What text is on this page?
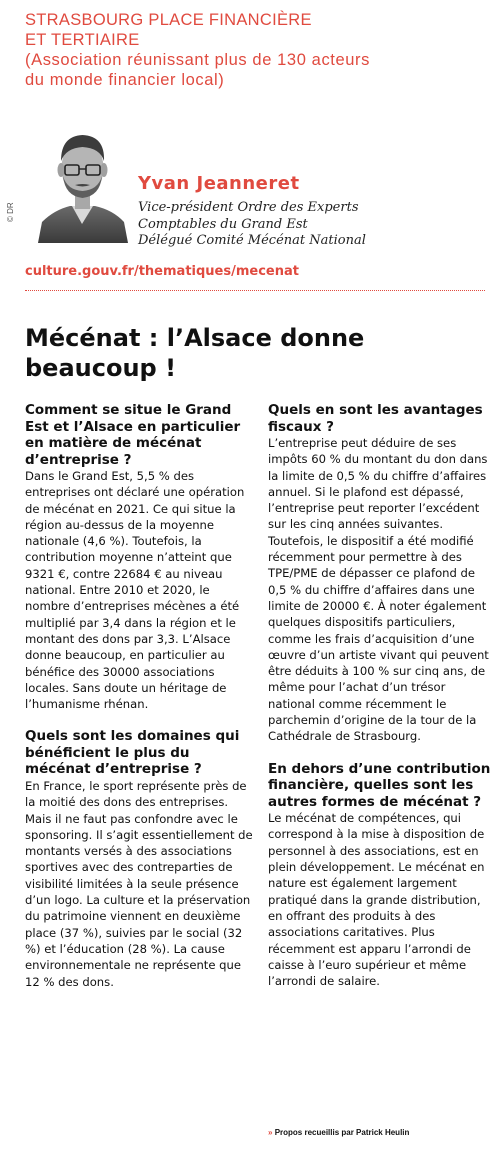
STRASBOURG PLACE FINANCIÈRE
ET TERTIAIRE
(Association réunissant plus de 130 acteurs
du monde financier local)
© DR
Yvan Jeanneret
Vice-président Ordre des Experts
Comptables du Grand Est
Délégué Comité Mécénat National
culture.gouv.fr/thematiques/mecenat
Mécénat : l’Alsace donne
beaucoup !

Comment se situe le Grand Est et l’Alsace en particulier en matière de mécénat d’entreprise ?

Dans le Grand Est, 5,5 % des entreprises ont déclaré une opération de mécénat en 2021. Ce qui situe la région au-dessus de la moyenne nationale (4,6 %). Toutefois, la contribution moyenne n’atteint que 9321 €, contre 22684 € au niveau national. Entre 2010 et 2020, le nombre d’entreprises mécènes a été multiplié par 3,4 dans la région et le montant des dons par 3,3. L’Alsace donne beaucoup, en particulier au bénéfice des 30000 associations locales. Sans doute un héritage de l’humanisme rhénan.

Quels sont les domaines qui bénéficient le plus du mécénat d’entreprise ?

En France, le sport représente près de la moitié des dons des entreprises. Mais il ne faut pas confondre avec le sponsoring. Il s’agit essentiellement de montants versés à des associations sportives avec des contreparties de visibilité limitées à la seule présence d’un logo. La culture et la préservation du patrimoine viennent en deuxième place (37 %), suivies par le social (32 %) et l’éducation (28 %). La cause environnementale ne représente que 12 % des dons.

Quels en sont les avantages fiscaux ?

L’entreprise peut déduire de ses impôts 60 % du montant du don dans la limite de 0,5 % du chiffre d’affaires annuel. Si le plafond est dépassé, l’entreprise peut reporter l’excédent sur les cinq années suivantes. Toutefois, le dispositif a été modifié récemment pour permettre à des TPE/PME de dépasser ce plafond de 0,5 % du chiffre d’affaires dans une limite de 20000 €. À noter également quelques dispositifs particuliers, comme les frais d’acquisition d’une œuvre d’un artiste vivant qui peuvent être déduits à 100 % sur cinq ans, de même pour l’achat d’un trésor national comme récemment le parchemin d’origine de la tour de la Cathédrale de Strasbourg.

En dehors d’une contribution financière, quelles sont les autres formes de mécénat ?

Le mécénat de compétences, qui correspond à la mise à disposition de personnel à des associations, est en plein développement. Le mécénat en nature est également largement pratiqué dans la grande distribution, en offrant des produits à des associations caritatives. Plus récemment est apparu l’arrondi de caisse à l’euro supérieur et même l’arrondi de salaire.

» Propos recueillis par Patrick Heulin
